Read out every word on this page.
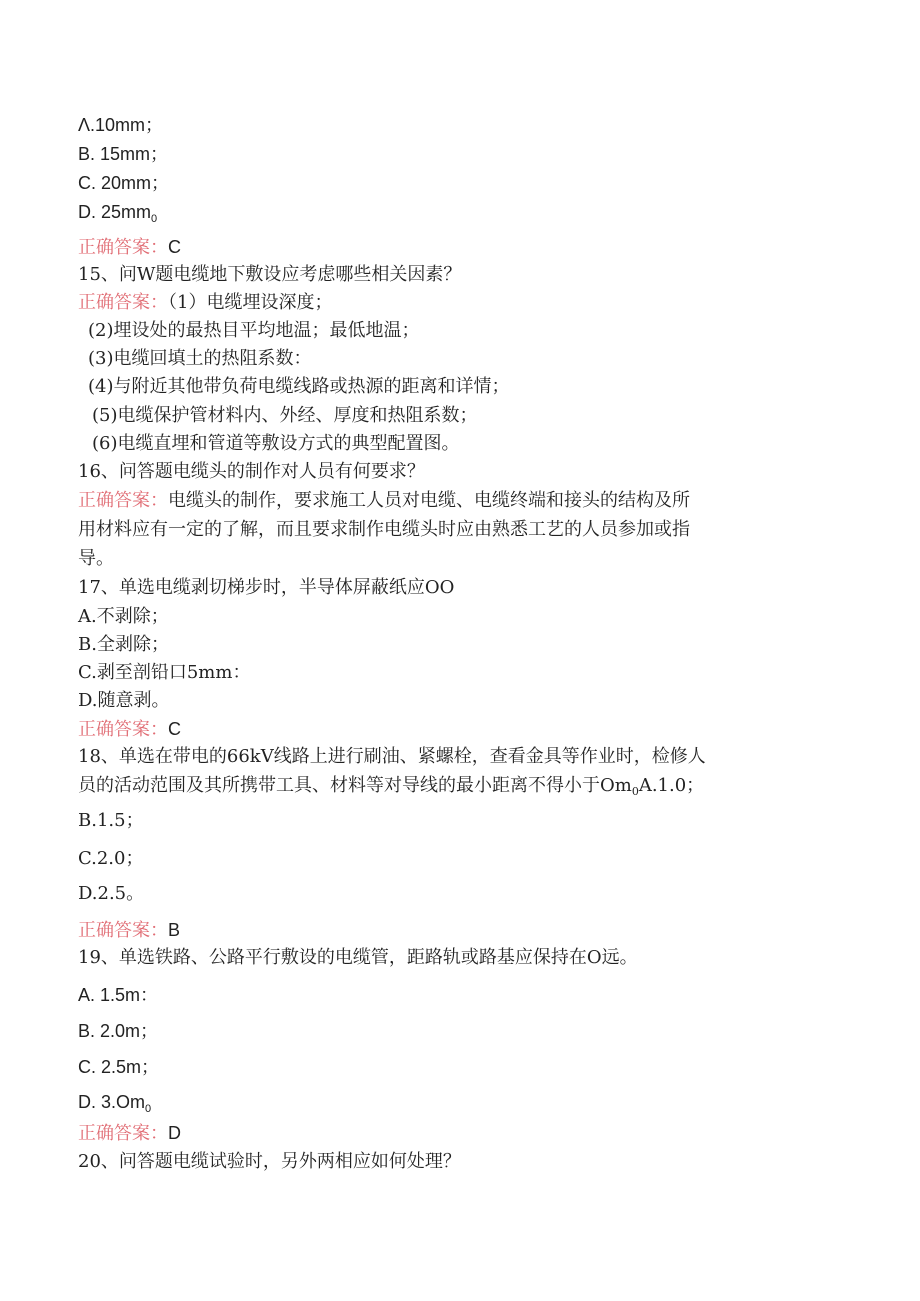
Λ.10mm；
B. 15mm；
C. 20mm；
D. $25mm_0$
正确答案：C
15、问W题电缆地下敷设应考虑哪些相关因素？
正确答案：（1）电缆埋设深度；
(2)埋设处的最热目平均地温；最低地温；
(3)电缆回填土的热阻系数：
(4)与附近其他带负荷电缆线路或热源的距离和详情；
(5)电缆保护管材料内、外经、厚度和热阻系数；
(6)电缆直埋和管道等敷设方式的典型配置图。
16、问答题电缆头的制作对人员有何要求？
正确答案：电缆头的制作，要求施工人员对电缆、电缆终端和接头的结构及所
用材料应有一定的了解，而且要求制作电缆头时应由熟悉工艺的人员参加或指
导。
17、单选电缆剥切梯步时，半导体屏蔽纸应OO
A.不剥除；
B.全剥除；
C.剥至剖铅口5mm：
D.随意剥。
正确答案：C
18、单选在带电的66kV线路上进行刷油、紧螺栓，查看金具等作业时，检修人
员的活动范围及其所携带工具、材料等对导线的最小距离不得小于$Om_0A.1.0$；
B.1.5；
C.2.0；
D.2.5。
正确答案：B
19、单选铁路、公路平行敷设的电缆管，距路轨或路基应保持在O远。
A. 1.5m：
B. 2.0m；
C. 2.5m；
D. $3.Om_0$
正确答案：D
20、问答题电缆试验时，另外两相应如何处理？
